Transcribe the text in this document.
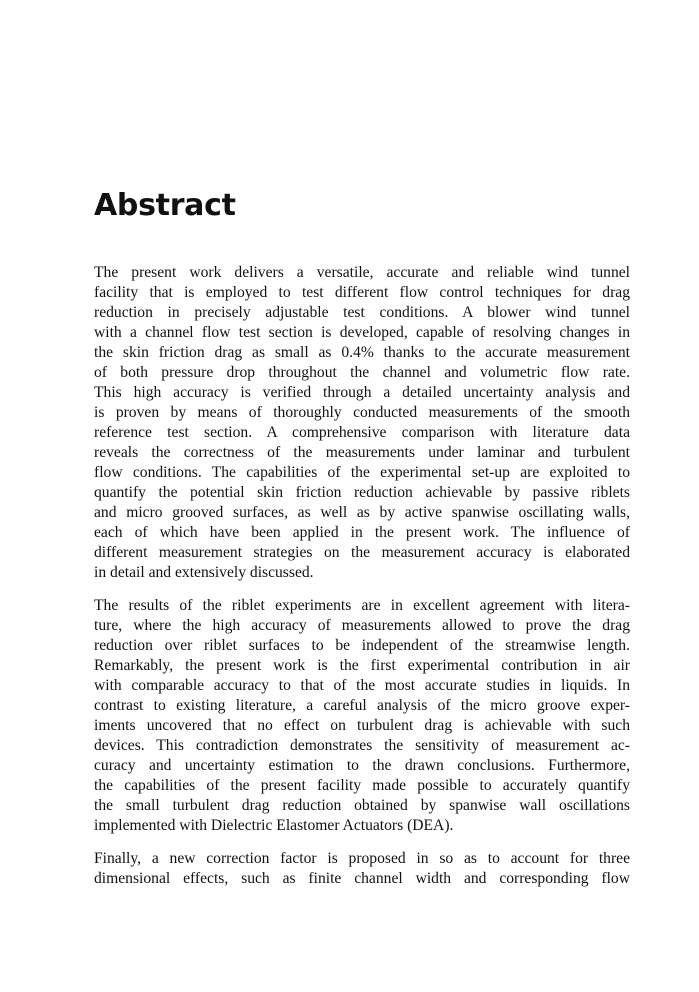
Abstract

The present work delivers a versatile, accurate and reliable wind tunnel
facility that is employed to test different flow control techniques for drag
reduction in precisely adjustable test conditions. A blower wind tunnel
with a channel flow test section is developed, capable of resolving changes in
the skin friction drag as small as 0.4% thanks to the accurate measurement
of both pressure drop throughout the channel and volumetric flow rate.
This high accuracy is verified through a detailed uncertainty analysis and
is proven by means of thoroughly conducted measurements of the smooth
reference test section. A comprehensive comparison with literature data
reveals the correctness of the measurements under laminar and turbulent
flow conditions. The capabilities of the experimental set-up are exploited to
quantify the potential skin friction reduction achievable by passive riblets
and micro grooved surfaces, as well as by active spanwise oscillating walls,
each of which have been applied in the present work. The influence of
different measurement strategies on the measurement accuracy is elaborated
in detail and extensively discussed.

The results of the riblet experiments are in excellent agreement with litera-
ture, where the high accuracy of measurements allowed to prove the drag
reduction over riblet surfaces to be independent of the streamwise length.
Remarkably, the present work is the first experimental contribution in air
with comparable accuracy to that of the most accurate studies in liquids. In
contrast to existing literature, a careful analysis of the micro groove exper-
iments uncovered that no effect on turbulent drag is achievable with such
devices. This contradiction demonstrates the sensitivity of measurement ac-
curacy and uncertainty estimation to the drawn conclusions. Furthermore,
the capabilities of the present facility made possible to accurately quantify
the small turbulent drag reduction obtained by spanwise wall oscillations
implemented with Dielectric Elastomer Actuators (DEA).

Finally, a new correction factor is proposed in so as to account for three
dimensional effects, such as finite channel width and corresponding flow
